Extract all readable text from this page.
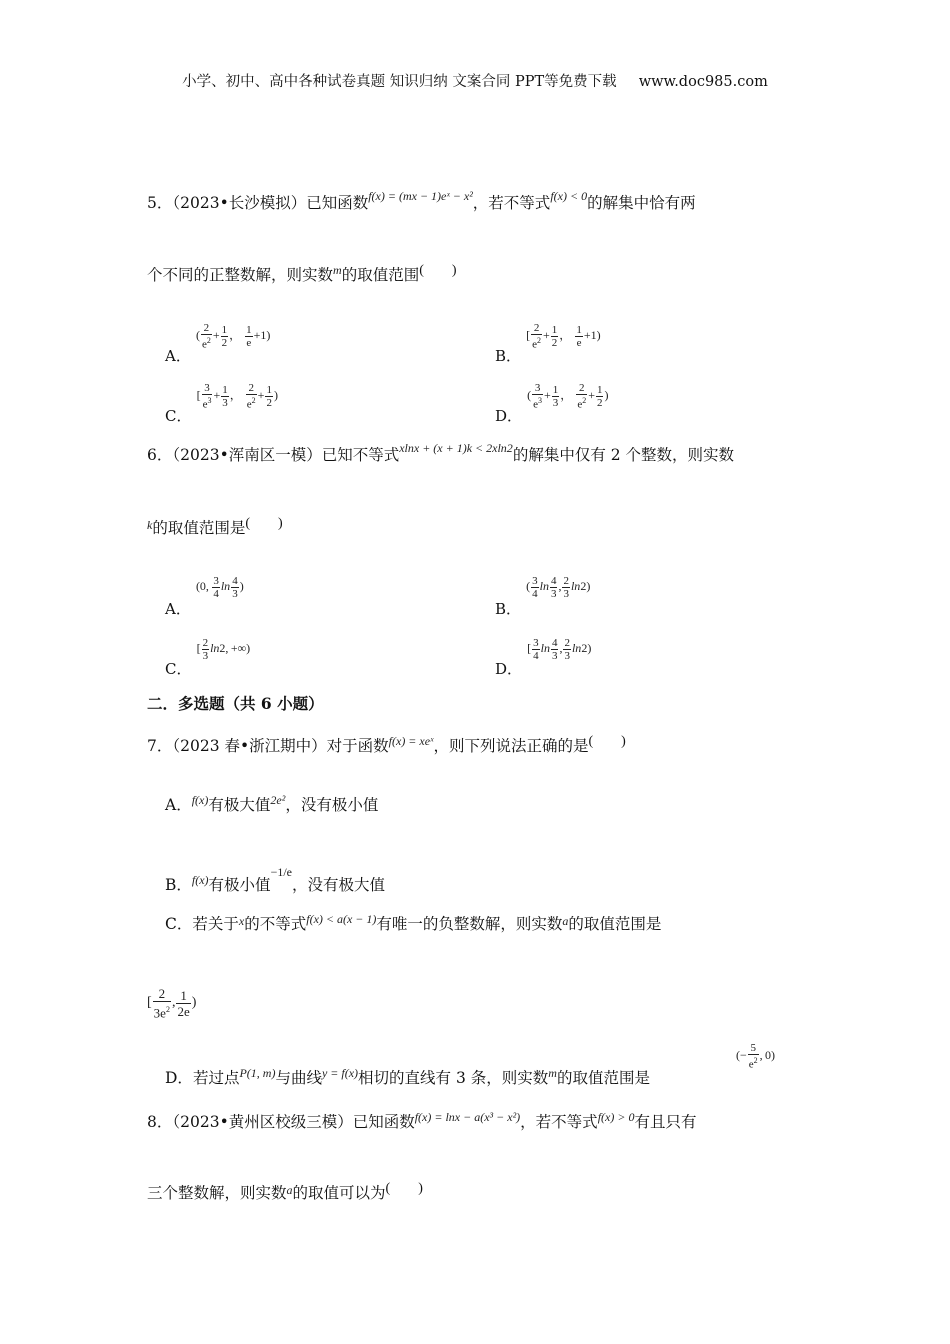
小学、初中、高中各种试卷真题 知识归纳 文案合同 PPT等免费下载 www.doc985.com
5．（2023•长沙模拟）已知函数$^{f(x) = (mx - 1)eˣ - x^2}$，若不等式$^{f(x) < 0}$的解集中恰有两
个不同的正整数解，则实数$^m$的取值范围(　　)
A． ( $\frac{2}{e^2} + \frac{1}{2}$ ， $\frac{1}{e} +1$)
B． [ $\frac{2}{e^2} + \frac{1}{2}$ ， $\frac{1}{e} +1$)
C． [ $\frac{3}{e^3} + \frac{1}{3}$ ， $\frac{2}{e^2} + \frac{1}{2}$ )
D． ( $\frac{3}{e^3} + \frac{1}{3}$ ， $\frac{2}{e^2} + \frac{1}{2}$ )
6．（2023•浑南区一模）已知不等式$^{xlnx + (x + 1)k < 2xln2}$的解集中仅有 2 个整数，则实数
$^k$的取值范围是(　　)
A． (0,  $\frac{3}{4}$ $\ln \frac{4}{3}$ )
B． ( $\frac{3}{4}$ $\ln \frac{4}{3}$ , $\frac{2}{3} \ln 2$)
C． [ $\frac{2}{3} \ln 2$, +∞)
D． [ $\frac{3}{4}$ $\ln \frac{4}{3}$ , $\frac{2}{3} \ln 2$)
二．多选题（共 6 小题）
7．（2023 春•浙江期中）对于函数$^{f(x) = xeˣ}$，则下列说法正确的是(　　)
A．$^{f(x)}$有极大值$^{2e^2}$，没有极小值
B．$^{f(x)}$有极小值$^{-1/e}$，没有极大值
C．若关于$^x$的不等式$^{f(x) < a(x - 1)}$有唯一的负整数解，则实数$^a$的取值范围是
[ $\frac{2}{3e^2}$ , $\frac{1}{2e}$ )
D．若过点$^{P(1, m)}$与曲线$^{y = f(x)}$相切的直线有 3 条，则实数$^m$的取值范围是
(− $\frac{5}{e^2}$ , 0)
8．（2023•黄州区校级三模）已知函数$^{f(x) = lnx - a(x^3 - x^2)}$，若不等式$^{f(x) > 0}$有且只有
三个整数解，则实数$^a$的取值可以为(　　)
